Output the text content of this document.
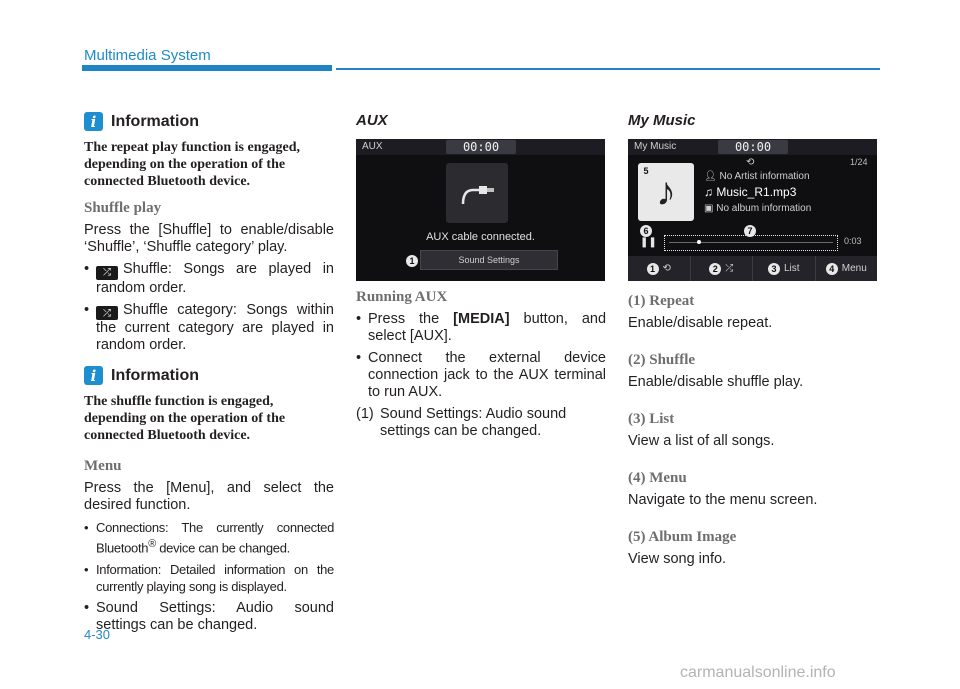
Multimedia System
i Information

The repeat play function is engaged, depending on the operation of the connected Bluetooth device.

Shuffle play

Press the [Shuffle] to enable/disable ‘Shuffle’, ‘Shuffle category’ play.

•	⤮ Shuffle: Songs are played in random order.
•	⤮ Shuffle category: Songs within the current category are played in random order.
i Information

The shuffle function is engaged, depending on the operation of the connected Bluetooth device.

Menu

Press the [Menu], and select the desired function.

• Connections: The currently connected Bluetooth® device can be changed.
• Information: Detailed information on the currently playing song is displayed.
• Sound Settings: Audio sound settings can be changed.

AUX

AUX	00:00
AUX cable connected.
1	Sound Settings

Running AUX

• Press the [MEDIA] button, and select [AUX].
• Connect the external device connection jack to the AUX terminal to run AUX.
(1) Sound Settings: Audio sound settings can be changed.

My Music

My Music	00:00
⟲	1/24
♪
5	👤︎ No Artist information
♫ Music_R1.mp3
▣ No album information
6
❚❚
7
0:03
1 ⟲	2 ⤮	3 List	4 Menu

(1) Repeat

Enable/disable repeat.

(2) Shuffle

Enable/disable shuffle play.

(3) List

View a list of all songs.

(4) Menu

Navigate to the menu screen.

(5) Album Image

View song info.

4-30
carmanualsonline.info
